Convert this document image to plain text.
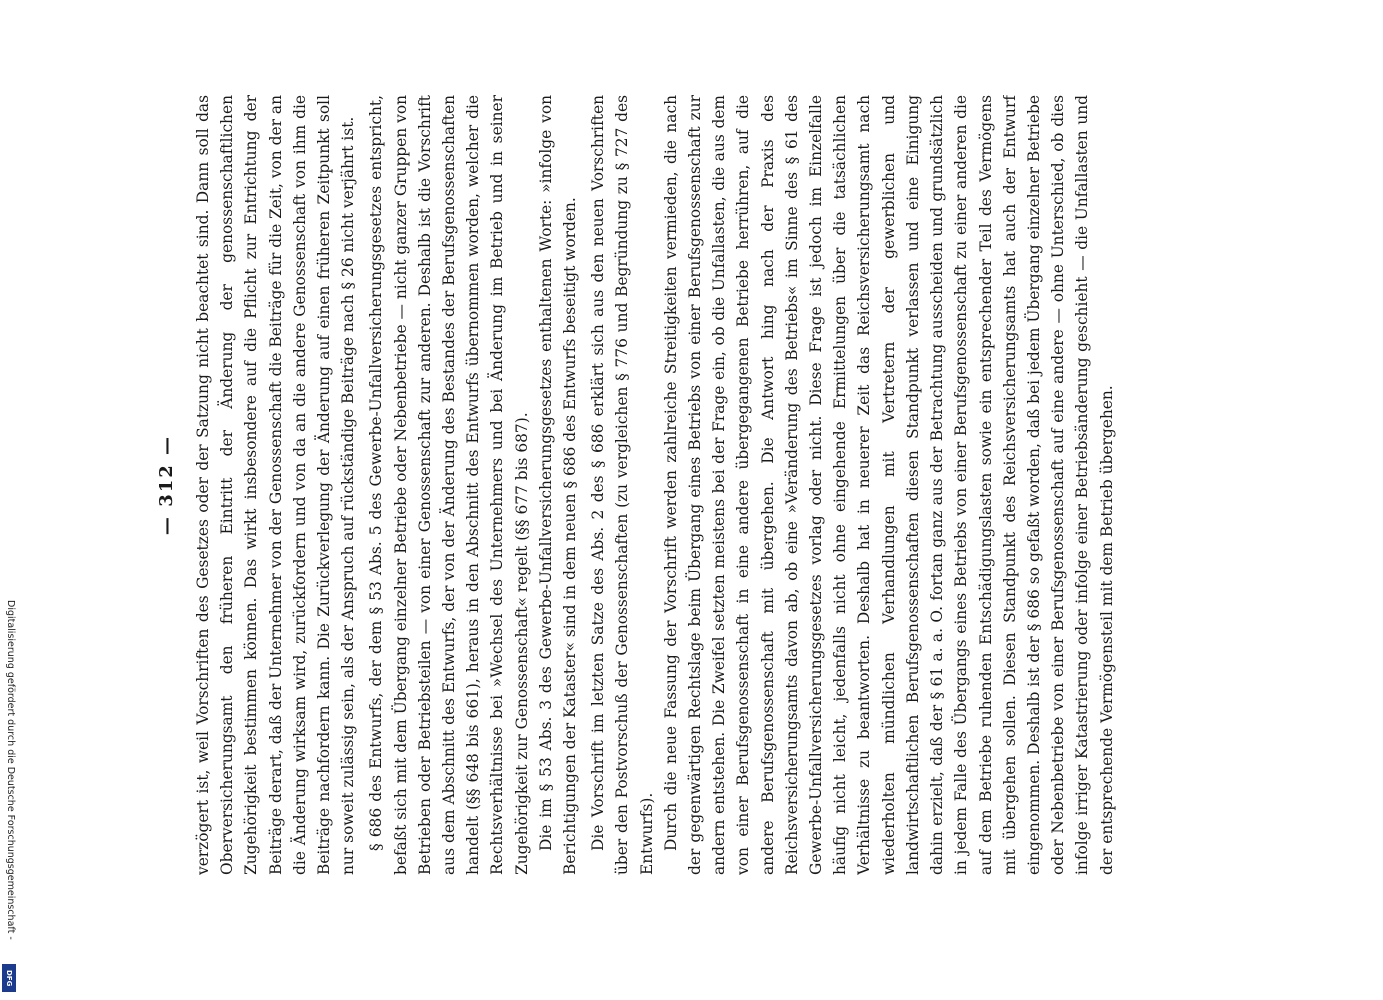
— 312 — verzögert ist, weil Vorschriften des Gesetzes oder der Satzung nicht beachtet sind. Dann soll das Oberversicherungsamt den früheren Eintritt der Änderung der genossenschaftlichen Zugehörigkeit bestimmen können. Das wirkt insbesondere auf die Pflicht zur Entrichtung der Beiträge derart, daß der Unternehmer von der Genossenschaft die Beiträge für die Zeit, von der an die Änderung wirksam wird, zurückfordern und von da an die andere Genossenschaft von ihm die Beiträge nachfordern kann. Die Zurückverlegung der Änderung auf einen früheren Zeitpunkt soll nur soweit zulässig sein, als der Anspruch auf rückständige Beiträge nach § 26 nicht verjährt ist. § 686 des Entwurfs, der dem § 53 Abs. 5 des Gewerbe-Unfallversicherungsgesetzes entspricht, befaßt sich mit dem Übergang einzelner Betriebe oder Nebenbetriebe — nicht ganzer Gruppen von Betrieben oder Betriebsteilen — von einer Genossenschaft zur anderen. Deshalb ist die Vorschrift aus dem Abschnitt des Entwurfs, der von der Änderung des Bestandes der Berufsgenossenschaften handelt (§§ 648 bis 661), heraus in den Abschnitt des Entwurfs übernommen worden, welcher die Rechtsverhältnisse bei »Wechsel des Unternehmers und bei Änderung im Betrieb und in seiner Zugehörigkeit zur Genossenschaft« regelt (§§ 677 bis 687). Die im § 53 Abs. 3 des Gewerbe-Unfallversicherungsgesetzes enthaltenen Worte: »infolge von Berichtigungen der Kataster« sind in dem neuen § 686 des Entwurfs beseitigt worden. Die Vorschrift im letzten Satze des Abs. 2 des § 686 erklärt sich aus den neuen Vorschriften über den Postvorschuß der Genossenschaften (zu vergleichen § 776 und Begründung zu § 727 des Entwurfs). Durch die neue Fassung der Vorschrift werden zahlreiche Streitigkeiten vermieden, die nach der gegenwärtigen Rechtslage beim Übergang eines Betriebs von einer Berufsgenossenschaft zur andern entstehen. Die Zweifel setzten meistens bei der Frage ein, ob die Unfallasten, die aus dem von einer Berufsgenossenschaft in eine andere übergegangenen Betriebe herrühren, auf die andere Berufsgenossenschaft mit übergehen. Die Antwort hing nach der Praxis des Reichsversicherungsamts davon ab, ob eine »Veränderung des Betriebs« im Sinne des § 61 des Gewerbe-Unfallversicherungsgesetzes vorlag oder nicht. Diese Frage ist jedoch im Einzelfalle häufig nicht leicht, jedenfalls nicht ohne eingehende Ermittelungen über die tatsächlichen Verhältnisse zu beantworten. Deshalb hat in neuerer Zeit das Reichsversicherungsamt nach wiederholten mündlichen Verhandlungen mit Vertretern der gewerblichen und landwirtschaftlichen Berufsgenossenschaften diesen Standpunkt verlassen und eine Einigung dahin erzielt, daß der § 61 a. a. O. fortan ganz aus der Betrachtung ausscheiden und grundsätzlich in jedem Falle des Übergangs eines Betriebs von einer Berufsgenossenschaft zu einer anderen die auf dem Betriebe ruhenden Entschädigungslasten sowie ein entsprechender Teil des Vermögens mit übergehen sollen. Diesen Standpunkt des Reichsversicherungsamts hat auch der Entwurf eingenommen. Deshalb ist der § 686 so gefaßt worden, daß bei jedem Übergang einzelner Betriebe oder Nebenbetriebe von einer Berufsgenossenschaft auf eine andere — ohne Unterschied, ob dies infolge irriger Katastrierung oder infolge einer Betriebsänderung geschieht — die Unfallasten und der entsprechende Vermögensteil mit dem Betrieb übergehen.

Digitalisierung gefördert durch die Deutsche Forschungsgemeinschaft -
DFG
